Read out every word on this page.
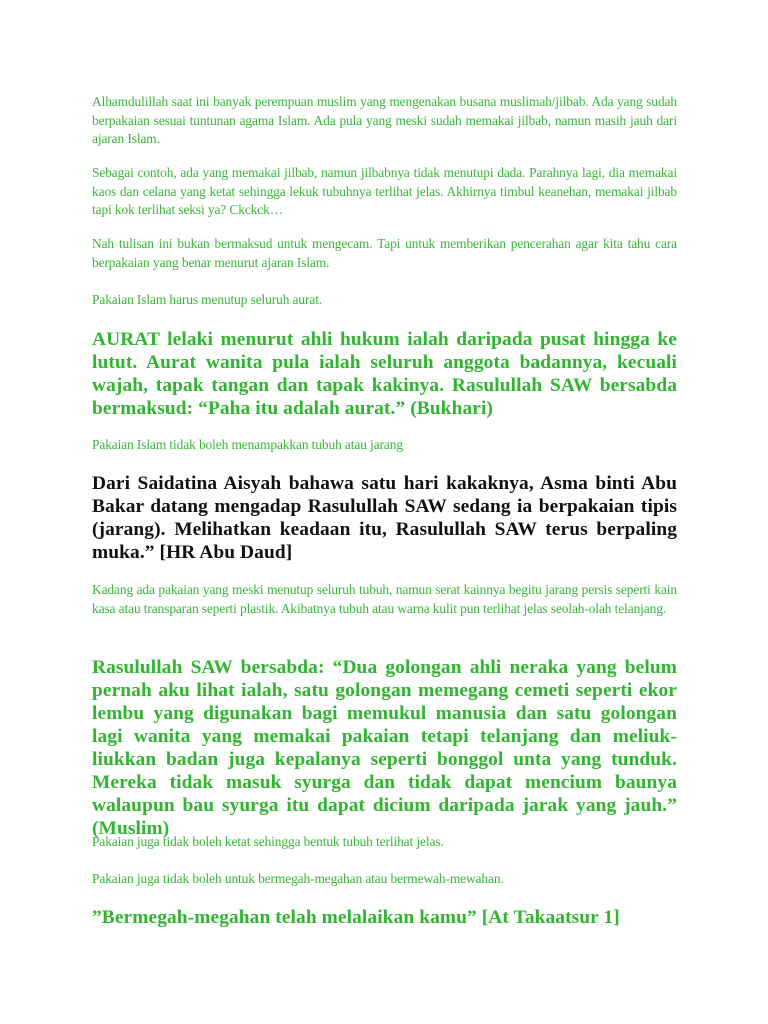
Alhamdulillah saat ini banyak perempuan muslim yang mengenakan busana muslimah/jilbab. Ada yang sudah berpakaian sesuai tuntunan agama Islam. Ada pula yang meski sudah memakai jilbab, namun masih jauh dari ajaran Islam.

Sebagai contoh, ada yang memakai jilbab, namun jilbabnya tidak menutupi dada. Parahnya lagi, dia memakai kaos dan celana yang ketat sehingga lekuk tubuhnya terlihat jelas. Akhirnya timbul keanehan, memakai jilbab tapi kok terlihat seksi ya? Ckckck…

Nah tulisan ini bukan bermaksud untuk mengecam. Tapi untuk memberikan pencerahan agar kita tahu cara berpakaian yang benar menurut ajaran Islam.

Pakaian Islam harus menutup seluruh aurat.

AURAT lelaki menurut ahli hukum ialah daripada pusat hingga ke lutut. Aurat wanita pula ialah seluruh anggota badannya, kecuali wajah, tapak tangan dan tapak kakinya. Rasulullah SAW bersabda bermaksud: “Paha itu adalah aurat.” (Bukhari)

Pakaian Islam tidak boleh menampakkan tubuh atau jarang

Dari Saidatina Aisyah bahawa satu hari kakaknya, Asma binti Abu Bakar datang mengadap Rasulullah SAW sedang ia berpakaian tipis (jarang). Melihatkan keadaan itu, Rasulullah SAW terus berpaling muka.” [HR Abu Daud]

Kadang ada pakaian yang meski menutup seluruh tubuh, namun serat kainnya begitu jarang persis seperti kain kasa atau transparan seperti plastik. Akibatnya tubuh atau warna kulit pun terlihat jelas seolah-olah telanjang.

Rasulullah SAW bersabda: “Dua golongan ahli neraka yang belum pernah aku lihat ialah, satu golongan memegang cemeti seperti ekor lembu yang digunakan bagi memukul manusia dan satu golongan lagi wanita yang memakai pakaian tetapi telanjang dan meliuk-liukkan badan juga kepalanya seperti bonggol unta yang tunduk. Mereka tidak masuk syurga dan tidak dapat mencium baunya walaupun bau syurga itu dapat dicium daripada jarak yang jauh.” (Muslim)

Pakaian juga tidak boleh ketat sehingga bentuk tubuh terlihat jelas.

Pakaian juga tidak boleh untuk bermegah-megahan atau bermewah-mewahan.

”Bermegah-megahan telah melalaikan kamu” [At Takaatsur 1]
